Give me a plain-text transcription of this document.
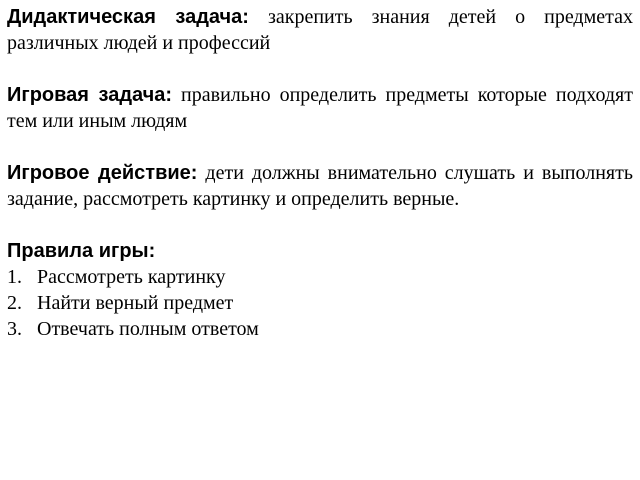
Дидактическая задача: закрепить знания детей о предметах различных людей и профессий

Игровая задача: правильно определить предметы которые подходят тем или иным людям

Игровое действие: дети должны внимательно слушать и выполнять задание, рассмотреть картинку и определить верные.

Правила игры:
1. Рассмотреть картинку
2. Найти верный предмет
3. Отвечать полным ответом
